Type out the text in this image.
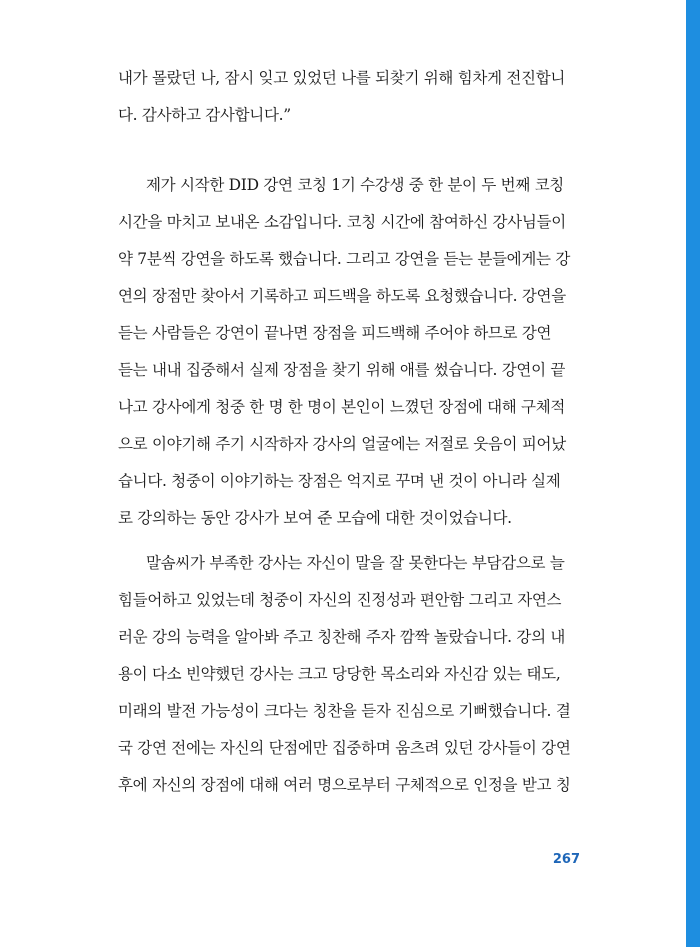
내가 몰랐던 나, 잠시 잊고 있었던 나를 되찾기 위해 힘차게 전진합니
다. 감사하고 감사합니다.”
제가 시작한 DID 강연 코칭 1기 수강생 중 한 분이 두 번째 코칭
시간을 마치고 보내온 소감입니다. 코칭 시간에 참여하신 강사님들이
약 7분씩 강연을 하도록 했습니다. 그리고 강연을 듣는 분들에게는 강
연의 장점만 찾아서 기록하고 피드백을 하도록 요청했습니다. 강연을
듣는 사람들은 강연이 끝나면 장점을 피드백해 주어야 하므로 강연
듣는 내내 집중해서 실제 장점을 찾기 위해 애를 썼습니다. 강연이 끝
나고 강사에게 청중 한 명 한 명이 본인이 느꼈던 장점에 대해 구체적
으로 이야기해 주기 시작하자 강사의 얼굴에는 저절로 웃음이 피어났
습니다. 청중이 이야기하는 장점은 억지로 꾸며 낸 것이 아니라 실제
로 강의하는 동안 강사가 보여 준 모습에 대한 것이었습니다.
말솜씨가 부족한 강사는 자신이 말을 잘 못한다는 부담감으로 늘
힘들어하고 있었는데 청중이 자신의 진정성과 편안함 그리고 자연스
러운 강의 능력을 알아봐 주고 칭찬해 주자 깜짝 놀랐습니다. 강의 내
용이 다소 빈약했던 강사는 크고 당당한 목소리와 자신감 있는 태도,
미래의 발전 가능성이 크다는 칭찬을 듣자 진심으로 기뻐했습니다. 결
국 강연 전에는 자신의 단점에만 집중하며 움츠려 있던 강사들이 강연
후에 자신의 장점에 대해 여러 명으로부터 구체적으로 인정을 받고 칭
267
